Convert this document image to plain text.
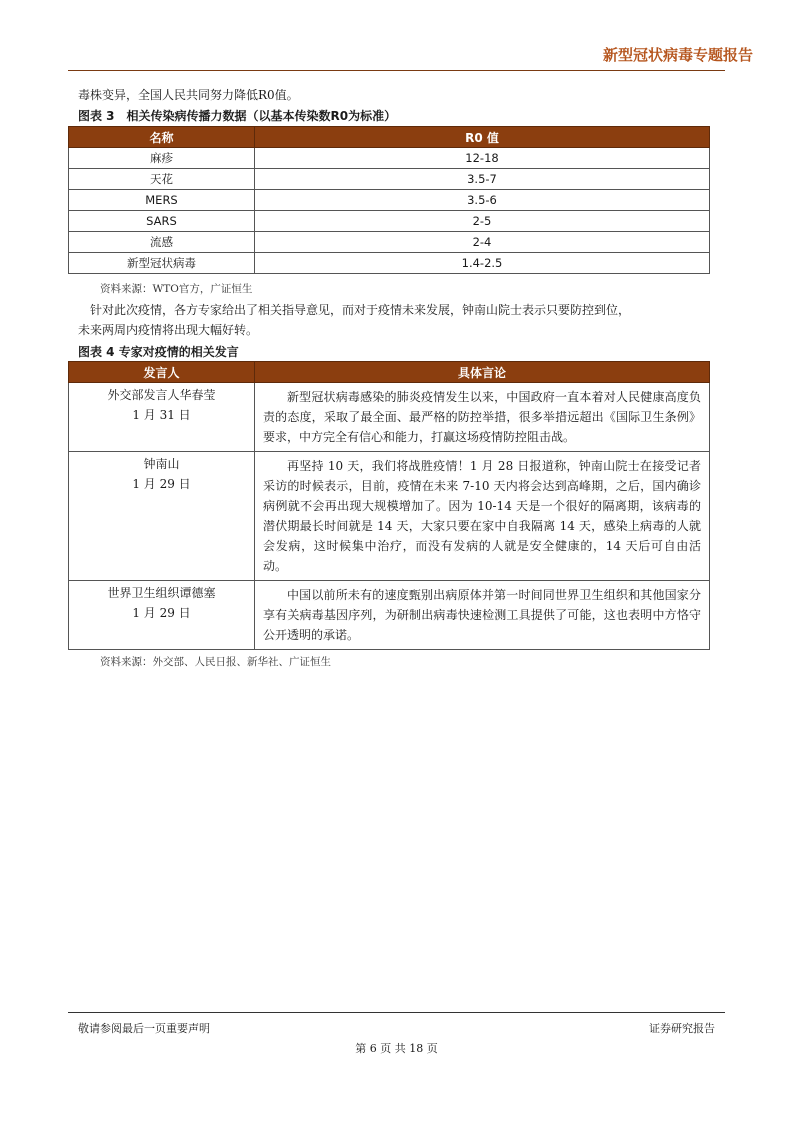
新型冠状病毒专题报告
毒株变异，全国人民共同努力降低R0值。
图表 3　相关传染病传播力数据（以基本传染数R0为标准）
名称	R0 值
麻疹	12-18
天花	3.5-7
MERS	3.5-6
SARS	2-5
流感	2-4
新型冠状病毒	1.4-2.5
资料来源：WTO官方，广证恒生
　针对此次疫情，各方专家给出了相关指导意见，而对于疫情未来发展，钟南山院士表示只要防控到位，
未来两周内疫情将出现大幅好转。
图表 4 专家对疫情的相关发言
发言人	具体言论

外交部发言人华春莹
1 月 31 日	新型冠状病毒感染的肺炎疫情发生以来，中国政府一直本着对人民健康高度负责的态度，采取了最全面、最严格的防控举措，很多举措远超出《国际卫生条例》要求，中方完全有信心和能力，打赢这场疫情防控阻击战。

钟南山
1 月 29 日	再坚持 10 天，我们将战胜疫情！1 月 28 日报道称，钟南山院士在接受记者采访的时候表示，目前，疫情在未来 7-10 天内将会达到高峰期，之后，国内确诊病例就不会再出现大规模增加了。因为 10-14 天是一个很好的隔离期，该病毒的潜伏期最长时间就是 14 天，大家只要在家中自我隔离 14 天，感染上病毒的人就会发病，这时候集中治疗，而没有发病的人就是安全健康的，14 天后可自由活动。

世界卫生组织谭德塞
1 月 29 日	中国以前所未有的速度甄别出病原体并第一时间同世界卫生组织和其他国家分享有关病毒基因序列，为研制出病毒快速检测工具提供了可能，这也表明中方恪守公开透明的承诺。
资料来源：外交部、人民日报、新华社、广证恒生
敬请参阅最后一页重要声明	证券研究报告
第 6 页 共 18 页
